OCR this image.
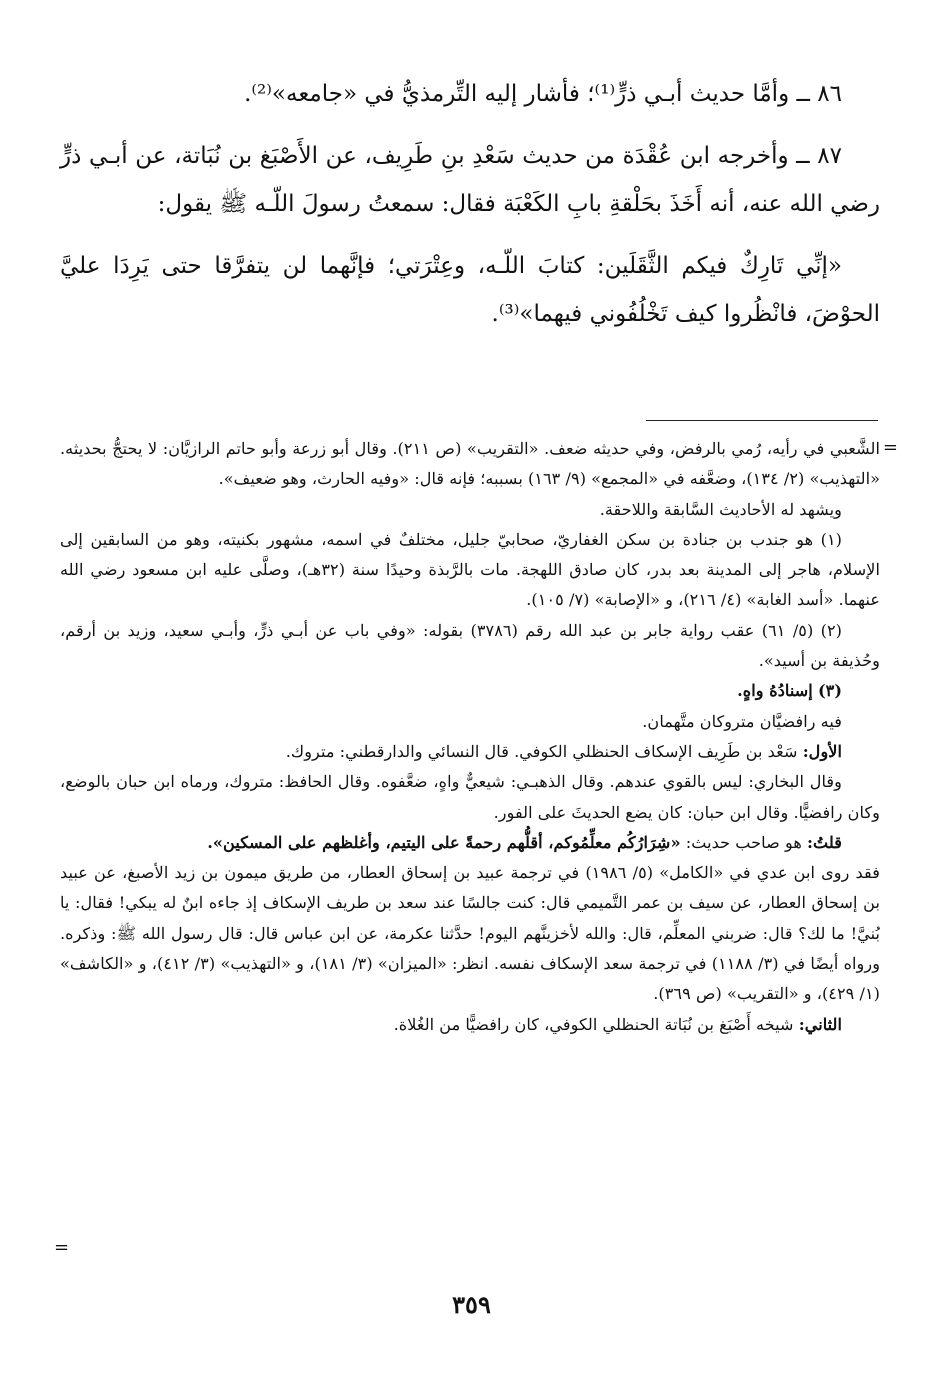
٨٦ ــ وأمَّا حديث أبـي ذرٍّ⁽¹⁾؛ فأشار إليه التِّرمذيُّ في «جامعه»⁽²⁾.

٨٧ ــ وأخرجه ابن عُقْدَة من حديث سَعْدِ بنِ طَرِيف، عن الأَصْبَغ بن نُبَاتة، عن أبـي ذرٍّ رضي الله عنه، أنه أَخَذَ بحَلْقةِ بابِ الكَعْبَة فقال: سمعتُ رسولَ اللّـه ﷺ يقول:

«إنِّي تَارِكٌ فيكم الثَّقَلَين: كتابَ اللّـه، وعِتْرَتي؛ فإنَّهما لن يتفرَّقا حتى يَرِدَا عليَّ الحوْضَ، فانْظُروا كيف تَخْلُفُوني فيهما»⁽³⁾.

=

الشَّعبي في رأيه، رُمي بالرفض، وفي حديثه ضعف. «التقريب» (ص ٢١١). وقال أبو زرعة وأبو حاتم الرازيَّان: لا يحتجُّ بحديثه. «التهذيب» (٢/ ١٣٤)، وضعَّفه في «المجمع» (٩/ ١٦٣) بسببه؛ فإنه قال: «وفيه الحارث، وهو ضعيف».

ويشهد له الأحاديث السَّابقة واللاحقة.

(١) هو جندب بن جنادة بن سكن الغفاريّ، صحابيّ جليل، مختلفٌ في اسمه، مشهور بكنيته، وهو من السابقين إلى الإسلام، هاجر إلى المدينة بعد بدر، كان صادق اللهجة. مات بالرَّبذة وحيدًا سنة (٣٢هـ)، وصلَّى عليه ابن مسعود رضي الله عنهما. «أسد الغابة» (٤/ ٢١٦)، و «الإصابة» (٧/ ١٠٥).

(٢) (٥/ ٦١) عقب رواية جابر بن عبد الله رقم (٣٧٨٦) بقوله: «وفي باب عن أبـي ذرٍّ، وأبـي سعيد، وزيد بن أرقم، وحُذيفة بن أسيد».

(٣) إسنادُهُ واهٍ.

فيه رافضيَّان متروكان متَّهمان.

الأول: سَعْد بن طَرِيف الإسكاف الحنظلي الكوفي. قال النسائي والدارقطني: متروك.

وقال البخاري: ليس بالقوي عندهم. وقال الذهبـي: شيعيٌّ واهٍ، ضعَّفوه. وقال الحافظ: متروك، ورماه ابن حبان بالوضع، وكان رافضيًّا. وقال ابن حبان: كان يضع الحديثَ على الفور.

قلتُ: هو صاحب حديث: «شِرَارُكُم معلِّمُوكم، أقلُّهم رحمةً على اليتيم، وأغلظهم على المسكين».

فقد روى ابن عدي في «الكامل» (٥/ ١٩٨٦) في ترجمة عبيد بن إسحاق العطار، من طريق ميمون بن زيد الأصبغ، عن عبيد بن إسحاق العطار، عن سيف بن عمر التَّميمي قال: كنت جالسًا عند سعد بن طريف الإسكاف إذ جاءه ابنٌ له يبكي! فقال: يا بُنيَّ! ما لك؟ قال: ضربني المعلِّم، قال: والله لأخزينَّهم اليوم! حدَّثنا عكرمة، عن ابن عباس قال: قال رسول الله ﷺ: وذكره. ورواه أيضًا في (٣/ ١١٨٨) في ترجمة سعد الإسكاف نفسه. انظر: «الميزان» (٣/ ١٨١)، و «التهذيب» (٣/ ٤١٢)، و «الكاشف» (١/ ٤٢٩)، و «التقريب» (ص ٣٦٩).

الثاني: شيخه أَصْبَغ بن نُبَاتة الحنظلي الكوفي، كان رافضيًّا من الغُلاة.

=
٣٥٩
